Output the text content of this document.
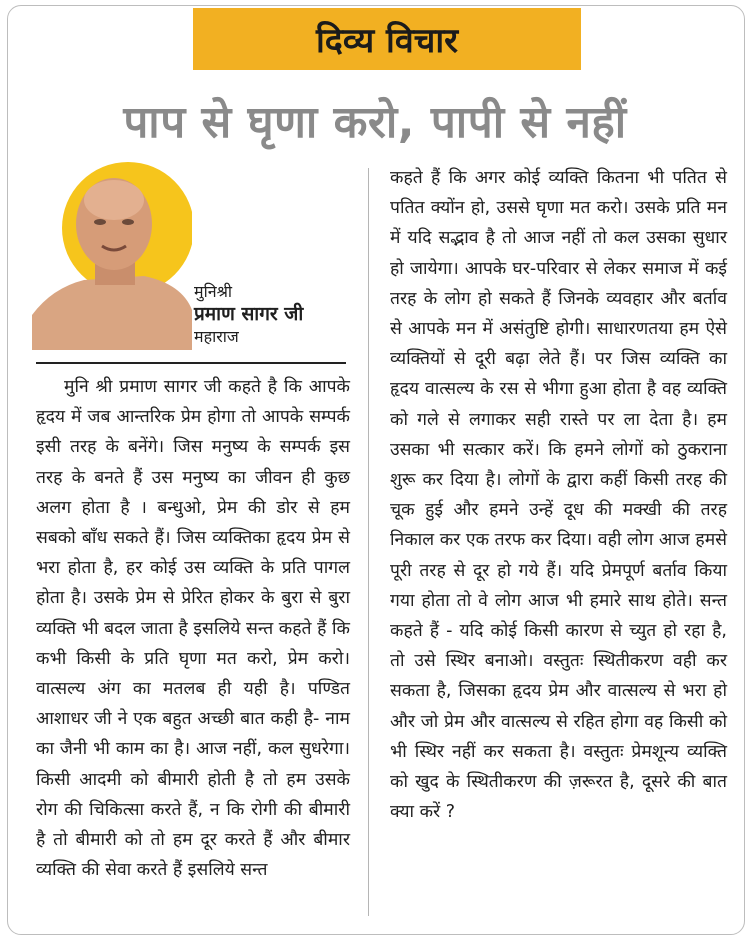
दिव्य विचार
पाप से घृणा करो, पापी से नहीं
मुनिश्री
प्रमाण सागर जी
महाराज

मुनि श्री प्रमाण सागर जी कहते है कि आपके हृदय में जब आन्तरिक प्रेम होगा तो आपके सम्पर्क इसी तरह के बनेंगे। जिस मनुष्य के सम्पर्क इस तरह के बनते हैं उस मनुष्य का जीवन ही कुछ अलग होता है । बन्धुओ, प्रेम की डोर से हम सबको बाँध सकते हैं। जिस व्यक्तिका हृदय प्रेम से भरा होता है, हर कोई उस व्यक्ति के प्रति पागल होता है। उसके प्रेम से प्रेरित होकर के बुरा से बुरा व्यक्ति भी बदल जाता है इसलिये सन्त कहते हैं कि कभी किसी के प्रति घृणा मत करो, प्रेम करो। वात्सल्य अंग का मतलब ही यही है। पण्डित आशाधर जी ने एक बहुत अच्छी बात कही है- नाम का जैनी भी काम का है। आज नहीं, कल सुधरेगा। किसी आदमी को बीमारी होती है तो हम उसके रोग की चिकित्सा करते हैं, न कि रोगी की बीमारी है तो बीमारी को तो हम दूर करते हैं और बीमार व्यक्ति की सेवा करते हैं इसलिये सन्त

कहते हैं कि अगर कोई व्यक्ति कितना भी पतित से पतित क्योंन हो, उससे घृणा मत करो। उसके प्रति मन में यदि सद्भाव है तो आज नहीं तो कल उसका सुधार हो जायेगा। आपके घर-परिवार से लेकर समाज में कई तरह के लोग हो सकते हैं जिनके व्यवहार और बर्ताव से आपके मन में असंतुष्टि होगी। साधारणतया हम ऐसे व्यक्तियों से दूरी बढ़ा लेते हैं। पर जिस व्यक्ति का हृदय वात्सल्य के रस से भीगा हुआ होता है वह व्यक्ति को गले से लगाकर सही रास्ते पर ला देता है। हम उसका भी सत्कार करें। कि हमने लोगों को ठुकराना शुरू कर दिया है। लोगों के द्वारा कहीं किसी तरह की चूक हुई और हमने उन्हें दूध की मक्खी की तरह निकाल कर एक तरफ कर दिया। वही लोग आज हमसे पूरी तरह से दूर हो गये हैं। यदि प्रेमपूर्ण बर्ताव किया गया होता तो वे लोग आज भी हमारे साथ होते। सन्त कहते हैं - यदि कोई किसी कारण से च्युत हो रहा है, तो उसे स्थिर बनाओ। वस्तुतः स्थितीकरण वही कर सकता है, जिसका हृदय प्रेम और वात्सल्य से भरा हो और जो प्रेम और वात्सल्य से रहित होगा वह किसी को भी स्थिर नहीं कर सकता है। वस्तुतः प्रेमशून्य व्यक्ति को खुद के स्थितीकरण की ज़रूरत है, दूसरे की बात क्या करें ?
